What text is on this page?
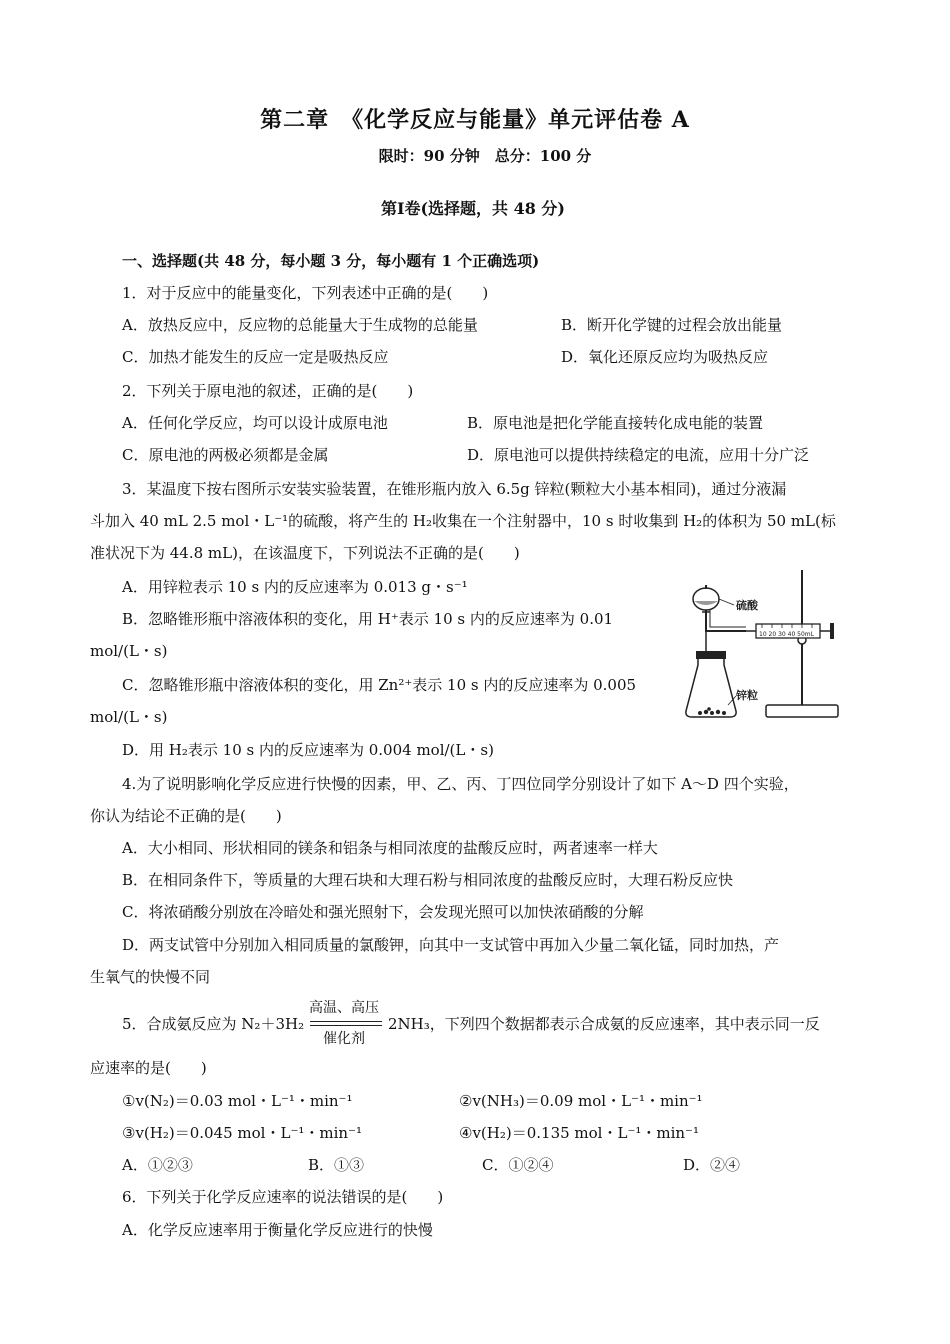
第二章　《化学反应与能量》单元评估卷 A
限时：90 分钟　总分：100 分
第Ⅰ卷(选择题，共 48 分)
一、选择题(共 48 分，每小题 3 分，每小题有 1 个正确选项)
1．对于反应中的能量变化，下列表述中正确的是(　　)
A．放热反应中，反应物的总能量大于生成物的总能量	B．断开化学键的过程会放出能量
C．加热才能发生的反应一定是吸热反应	D．氧化还原反应均为吸热反应
2．下列关于原电池的叙述，正确的是(　　)
A．任何化学反应，均可以设计成原电池	B．原电池是把化学能直接转化成电能的装置
C．原电池的两极必须都是金属	D．原电池可以提供持续稳定的电流，应用十分广泛
3．某温度下按右图所示安装实验装置，在锥形瓶内放入 6.5g 锌粒(颗粒大小基本相同)，通过分液漏
斗加入 40 mL 2.5 mol・L⁻¹的硫酸，将产生的 H₂收集在一个注射器中，10 s 时收集到 H₂的体积为 50 mL(标
准状况下为 44.8 mL)，在该温度下，下列说法不正确的是(　　)
A．用锌粒表示 10 s 内的反应速率为 0.013 g・s⁻¹
B．忽略锥形瓶中溶液体积的变化，用 H⁺表示 10 s 内的反应速率为 0.01
mol/(L・s)
C．忽略锥形瓶中溶液体积的变化，用 Zn²⁺表示 10 s 内的反应速率为 0.005
mol/(L・s)
D．用 H₂表示 10 s 内的反应速率为 0.004 mol/(L・s)
10 20 30 40 50mL
硫酸
锌粒
4.为了说明影响化学反应进行快慢的因素，甲、乙、丙、丁四位同学分别设计了如下 A～D 四个实验，
你认为结论不正确的是(　　)
A．大小相同、形状相同的镁条和铝条与相同浓度的盐酸反应时，两者速率一样大
B．在相同条件下，等质量的大理石块和大理石粉与相同浓度的盐酸反应时，大理石粉反应快
C．将浓硝酸分别放在冷暗处和强光照射下，会发现光照可以加快浓硝酸的分解
D．两支试管中分别加入相同质量的氯酸钾，向其中一支试管中再加入少量二氧化锰，同时加热，产
生氧气的快慢不同
5．合成氨反应为 N₂＋3H₂
高温、高压
催化剂
2NH₃，下列四个数据都表示合成氨的反应速率，其中表示同一反
应速率的是(　　)
①v(N₂)＝0.03 mol・L⁻¹・min⁻¹	②v(NH₃)＝0.09 mol・L⁻¹・min⁻¹
③v(H₂)＝0.045 mol・L⁻¹・min⁻¹	④v(H₂)＝0.135 mol・L⁻¹・min⁻¹
A．①②③	B．①③	C．①②④	D．②④
6．下列关于化学反应速率的说法错误的是(　　)
A．化学反应速率用于衡量化学反应进行的快慢
